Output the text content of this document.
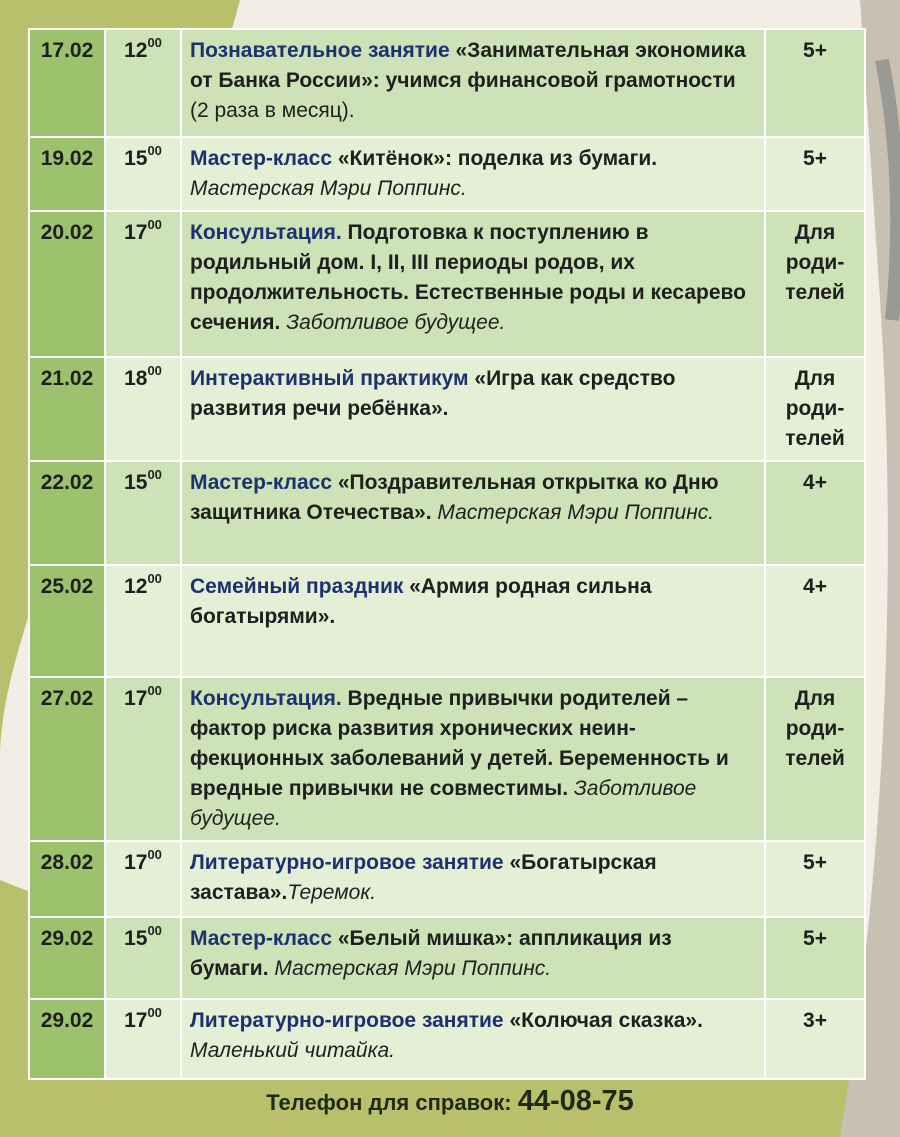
17.02	$12^{00}$	Познавательное занятие «Занимательная экономика от Банка России»: учимся финансовой грамотности (2 раза в месяц).	5+
19.02	$15^{00}$	Мастер-класс «Китёнок»: поделка из бумаги. Мастерская Мэри Поппинс.	5+
20.02	$17^{00}$	Консультация. Подготовка к поступлению в родильный дом. I, II, III периоды родов, их продолжительность. Естественные роды и кесарево сечения. Заботливое будущее.	Для родителей
21.02	$18^{00}$	Интерактивный практикум «Игра как средство развития речи ребёнка».	Для родителей
22.02	$15^{00}$	Мастер-класс «Поздравительная открытка ко Дню защитника Отечества». Мастерская Мэри Поппинс.	4+
25.02	$12^{00}$	Семейный праздник «Армия родная сильна богатырями».	4+
27.02	$17^{00}$	Консультация. Вредные привычки родителей – фактор риска развития хронических неинфекционных заболеваний у детей. Беременность и вредные привычки не совместимы. Заботливое будущее.	Для родителей
28.02	$17^{00}$	Литературно-игровое занятие «Богатырская застава».Теремок.	5+
29.02	$15^{00}$	Мастер-класс «Белый мишка»: аппликация из бумаги. Мастерская Мэри Поппинс.	5+
29.02	$17^{00}$	Литературно-игровое занятие «Колючая сказка». Маленький читайка.	3+
Телефон для справок: 44-08-75
